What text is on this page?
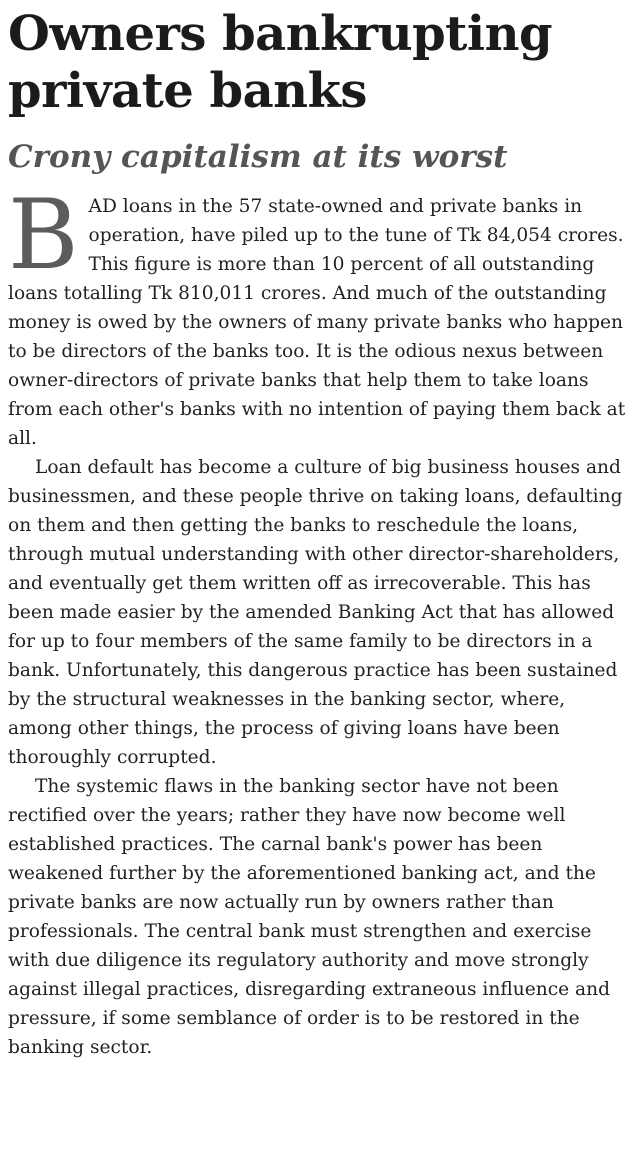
Owners bankrupting
private banks
Crony capitalism at its worst

BAD loans in the 57 state-owned and private banks in operation, have piled up to the tune of Tk 84,054 crores. This figure is more than 10 percent of all outstanding loans totalling Tk 810,011 crores. And much of the outstanding money is owed by the owners of many private banks who happen to be directors of the banks too. It is the odious nexus between owner-directors of private banks that help them to take loans from each other's banks with no intention of paying them back at all.

Loan default has become a culture of big business houses and businessmen, and these people thrive on taking loans, defaulting on them and then getting the banks to reschedule the loans, through mutual understanding with other director-shareholders, and eventually get them written off as irrecoverable. This has been made easier by the amended Banking Act that has allowed for up to four members of the same family to be directors in a bank. Unfortunately, this dangerous practice has been sustained by the structural weaknesses in the banking sector, where, among other things, the process of giving loans have been thoroughly corrupted.

The systemic flaws in the banking sector have not been rectified over the years; rather they have now become well established practices. The carnal bank's power has been weakened further by the aforementioned banking act, and the private banks are now actually run by owners rather than professionals. The central bank must strengthen and exercise with due diligence its regulatory authority and move strongly against illegal practices, disregarding extraneous influence and pressure, if some semblance of order is to be restored in the banking sector.
